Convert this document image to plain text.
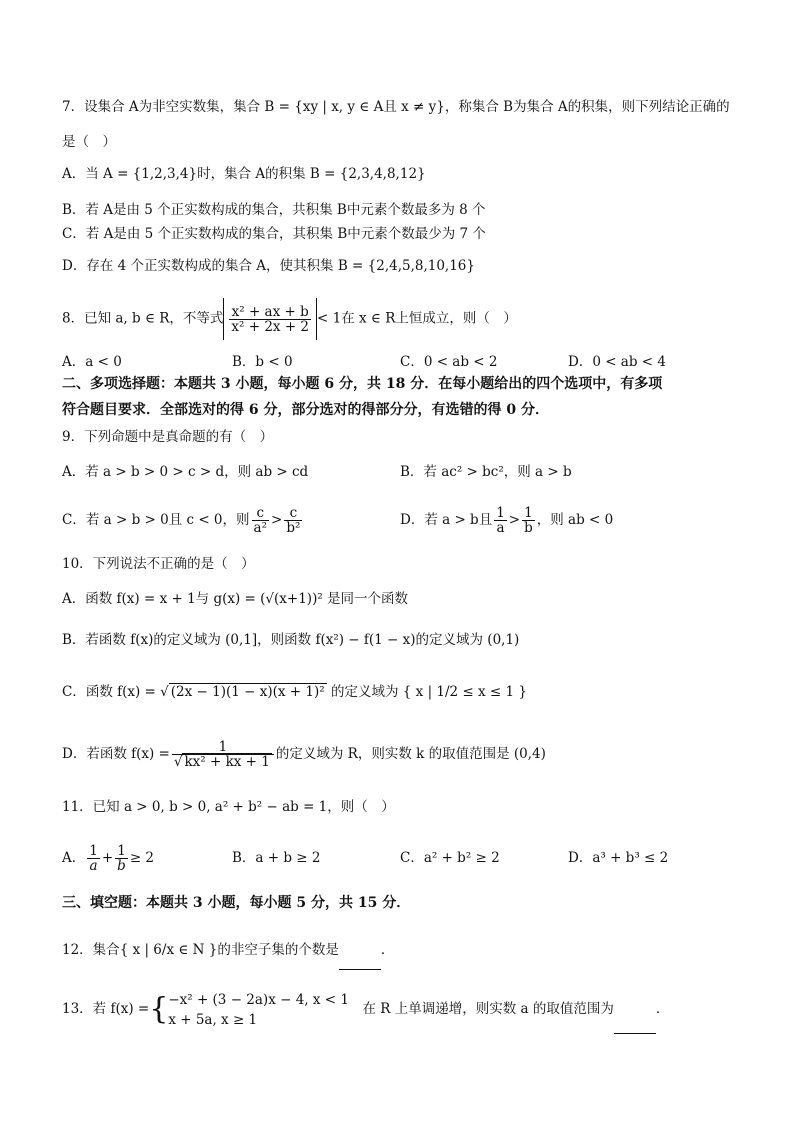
7．设集合 A为非空实数集，集合 B = {xy | x, y ∈ A且 x ≠ y}，称集合 B为集合 A的积集，则下列结论正确的
是（　）
A．当 A = {1,2,3,4}时，集合 A的积集 B = {2,3,4,8,12}
B．若 A是由 5 个正实数构成的集合，共积集 B中元素个数最多为 8 个
C．若 A是由 5 个正实数构成的集合，其积集 B中元素个数最少为 7 个
D．存在 4 个正实数构成的集合 A，使其积集 B = {2,4,5,8,10,16}
8．已知 a, b ∈ R，不等式 $\frac{\text{x² + ax + b}}{\text{x² + 2x + 2}} < 1$在 x ∈ R上恒成立，则（　）
A．a < 0	B．b < 0	C．0 < ab < 2	D．0 < ab < 4
二、多项选择题：本题共 3 小题，每小题 6 分，共 18 分．在每小题给出的四个选项中，有多项
符合题目要求．全部选对的得 6 分，部分选对的得部分分，有选错的得 0 分．
9．下列命题中是真命题的有（　）
A．若 a > b > 0 > c > d，则 ab > cd	B．若 ac² > bc²，则 a > b
C．若 a > b > 0且 c < 0，则 $\frac{c}{\text{a²}} > \frac{c}{\text{b²}}$	D．若 a > b且 $\frac{1}{a} > \frac{1}{b}$ ，则 ab < 0
10．下列说法不正确的是（　）
A．函数 f(x) = x + 1与 g(x) = (√(x+1))² 是同一个函数
B．若函数 f(x)的定义域为 (0,1]，则函数 f(x²) − f(1 − x)的定义域为 (0,1)
C．函数 f(x) = √ (2x − 1)(1 − x)(x + 1)² 的定义域为 { x | 1/2 ≤ x ≤ 1 }
D．若函数 $f(x) = \frac{1}{\text{√ kx² + kx + 1}}$ 的定义域为 R，则实数 k 的取值范围是 (0,4)
11．已知 a > 0, b > 0, a² + b² − ab = 1，则（　）
A． $\frac{1}{a} + \frac{1}{b} \ge 2$	B．a + b ≥ 2	C．a² + b² ≥ 2	D．a³ + b³ ≤ 2
三、填空题：本题共 3 小题，每小题 5 分，共 15 分．
12．集合{ x | 6/x ∈ N }的非空子集的个数是	．
13．若 f(x) ={ −x² + (3 − 2a)x − 4, x < 1
x + 5a, x ≥ 1
　在 R 上单调递增，则实数 a 的取值范围为	．
